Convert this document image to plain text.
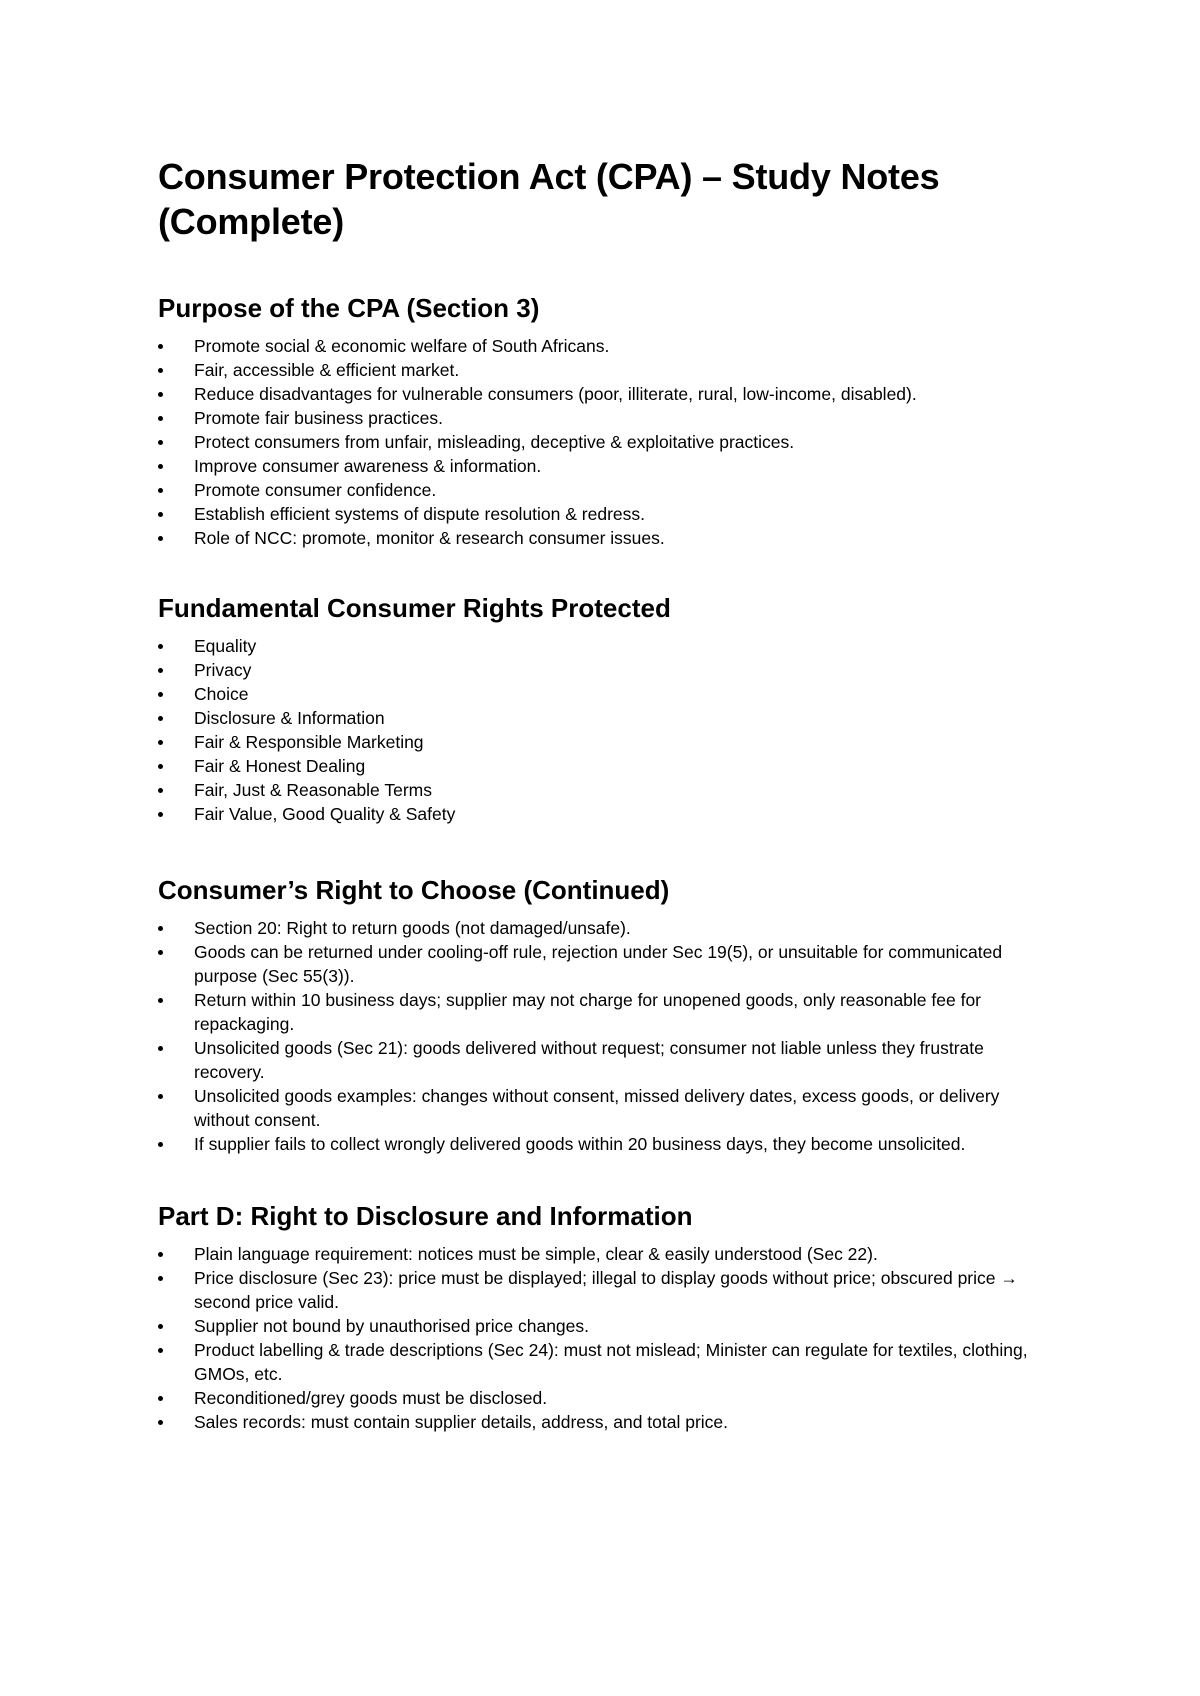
Consumer Protection Act (CPA) – Study Notes (Complete)
Purpose of the CPA (Section 3)
Promote social & economic welfare of South Africans.
Fair, accessible & efficient market.
Reduce disadvantages for vulnerable consumers (poor, illiterate, rural, low-income, disabled).
Promote fair business practices.
Protect consumers from unfair, misleading, deceptive & exploitative practices.
Improve consumer awareness & information.
Promote consumer confidence.
Establish efficient systems of dispute resolution & redress.
Role of NCC: promote, monitor & research consumer issues.
Fundamental Consumer Rights Protected
Equality
Privacy
Choice
Disclosure & Information
Fair & Responsible Marketing
Fair & Honest Dealing
Fair, Just & Reasonable Terms
Fair Value, Good Quality & Safety
Consumer’s Right to Choose (Continued)
Section 20: Right to return goods (not damaged/unsafe).
Goods can be returned under cooling-off rule, rejection under Sec 19(5), or unsuitable for communicated purpose (Sec 55(3)).
Return within 10 business days; supplier may not charge for unopened goods, only reasonable fee for repackaging.
Unsolicited goods (Sec 21): goods delivered without request; consumer not liable unless they frustrate recovery.
Unsolicited goods examples: changes without consent, missed delivery dates, excess goods, or delivery without consent.
If supplier fails to collect wrongly delivered goods within 20 business days, they become unsolicited.
Part D: Right to Disclosure and Information
Plain language requirement: notices must be simple, clear & easily understood (Sec 22).
Price disclosure (Sec 23): price must be displayed; illegal to display goods without price; obscured price → second price valid.
Supplier not bound by unauthorised price changes.
Product labelling & trade descriptions (Sec 24): must not mislead; Minister can regulate for textiles, clothing, GMOs, etc.
Reconditioned/grey goods must be disclosed.
Sales records: must contain supplier details, address, and total price.
